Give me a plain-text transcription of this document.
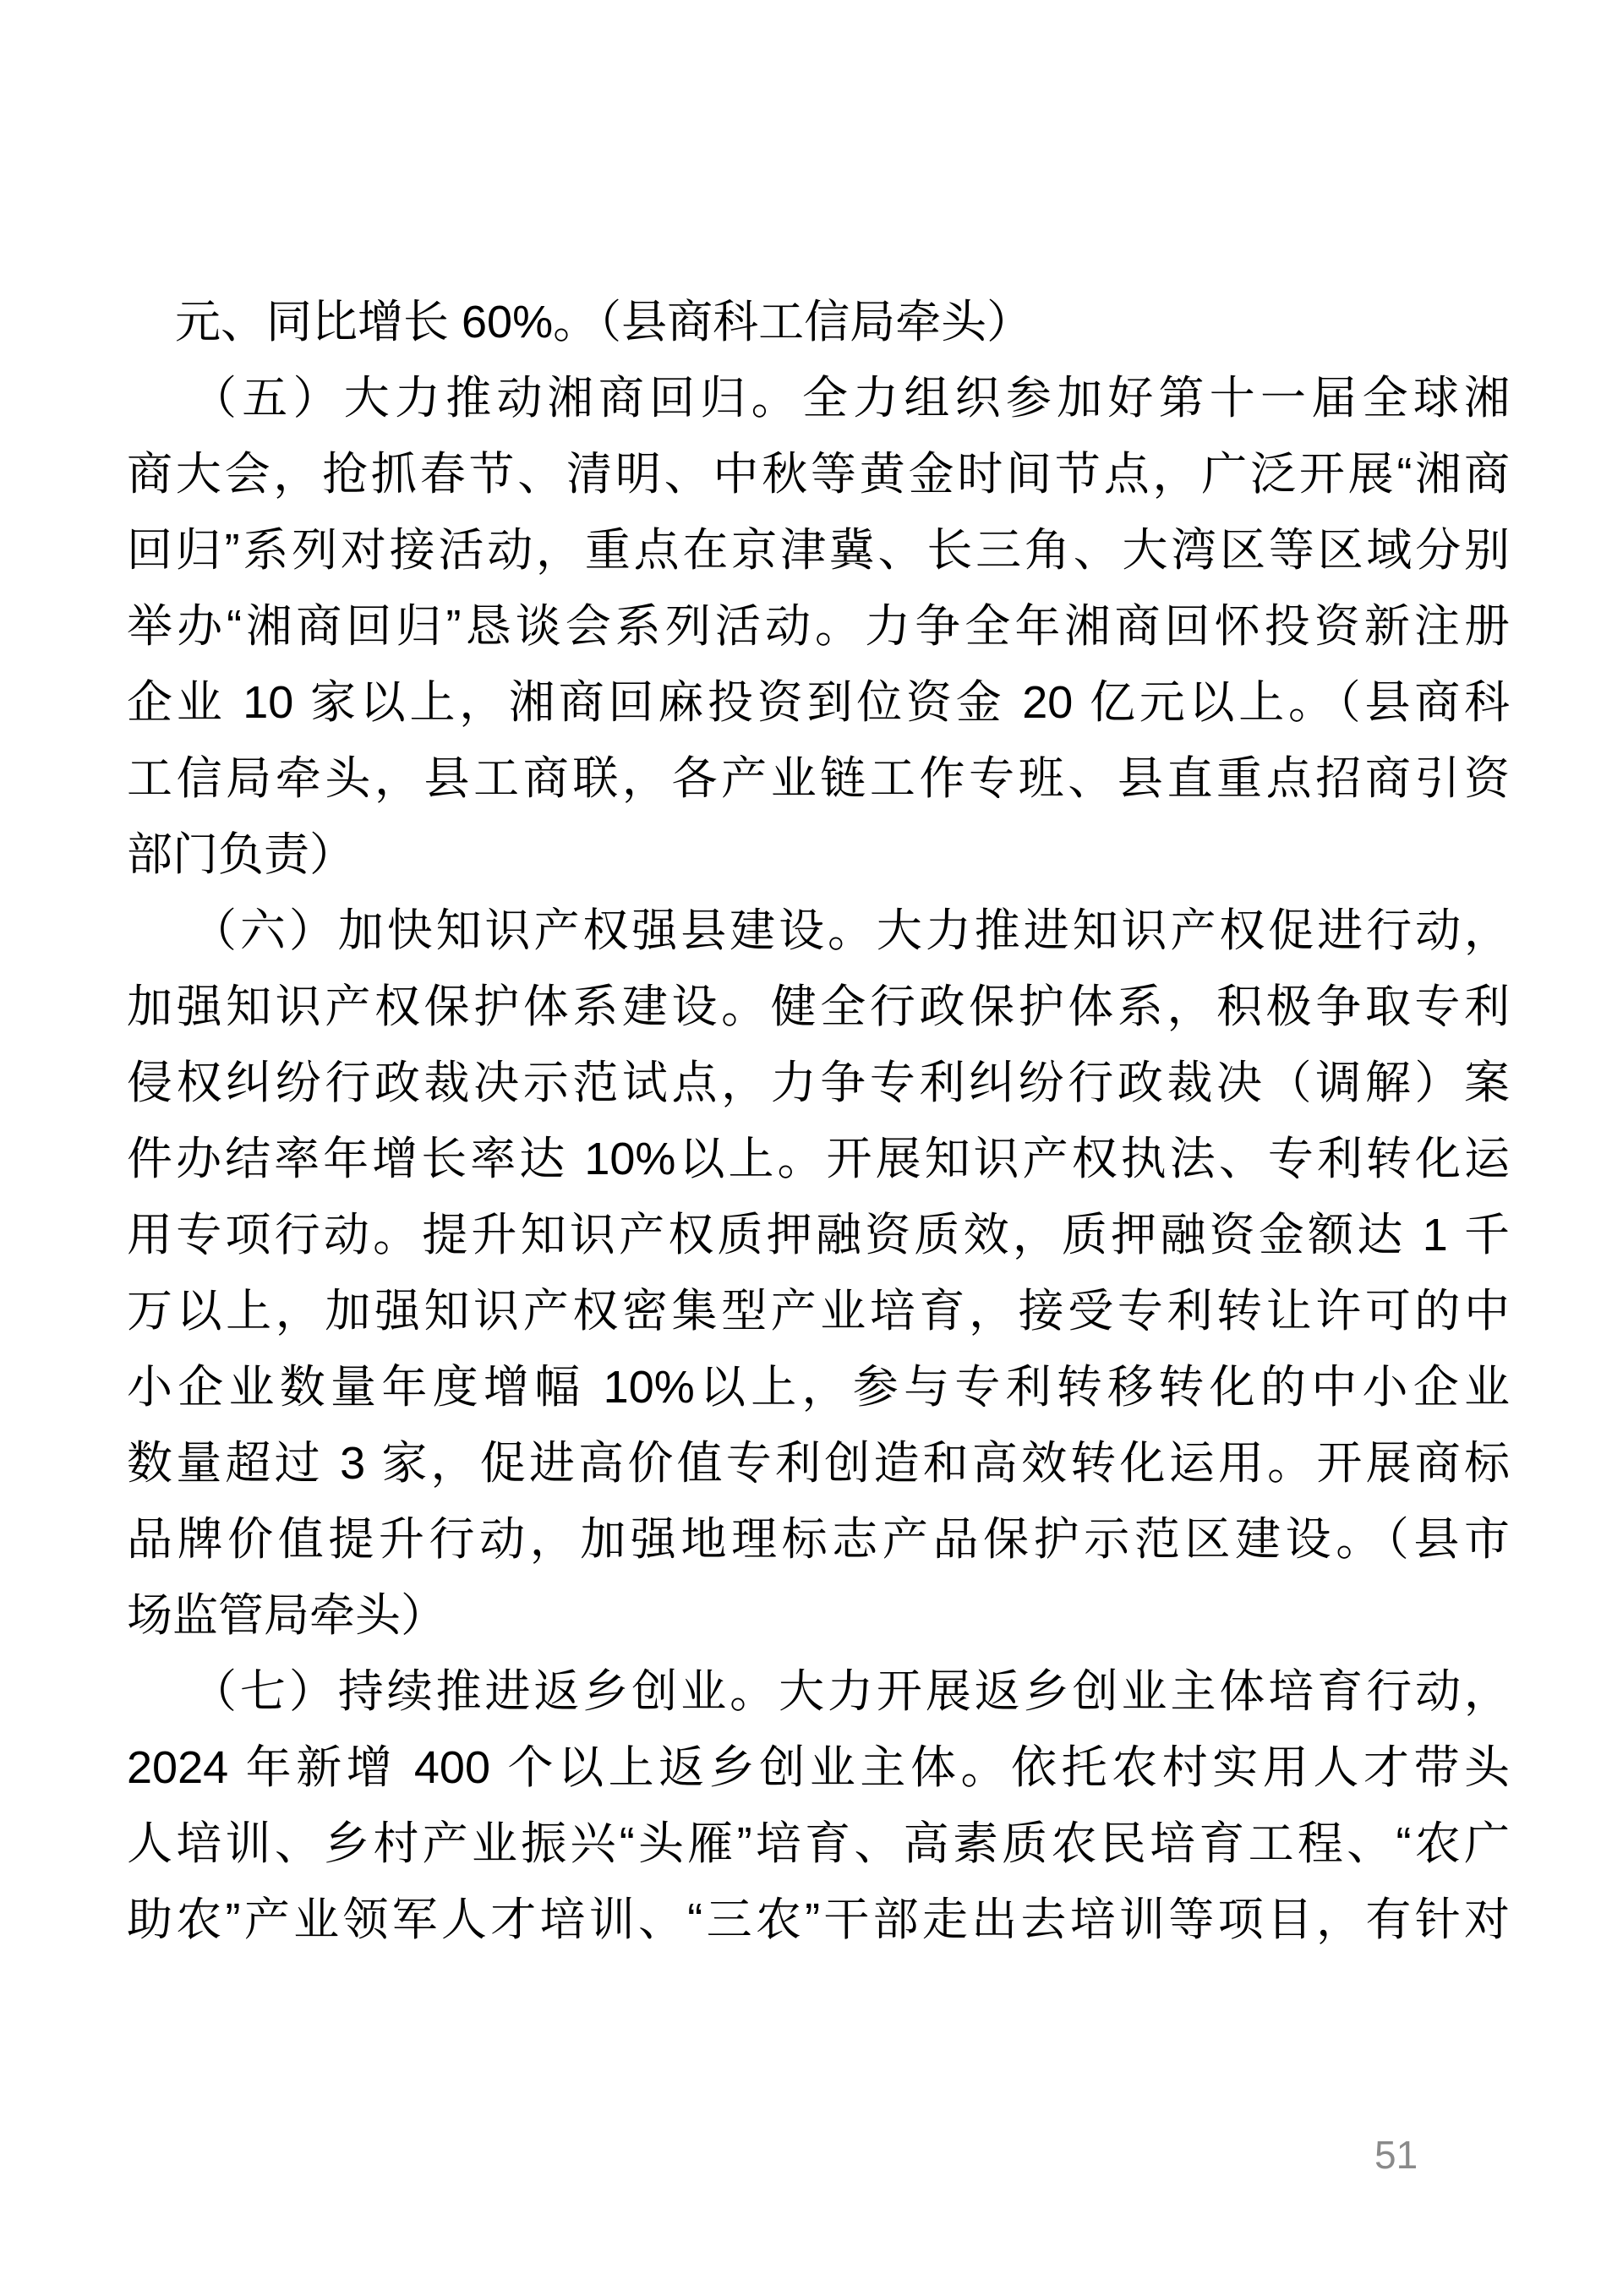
元、同比增长 60%。（县商科工信局牵头）
（五）大力推动湘商回归。全力组织参加好第十一届全球湘
商大会，抢抓春节、清明、中秋等黄金时间节点，广泛开展“湘商
回归”系列对接活动，重点在京津冀、长三角、大湾区等区域分别
举办“湘商回归”恳谈会系列活动。力争全年湘商回怀投资新注册
企业 10 家以上，湘商回麻投资到位资金 20 亿元以上。（县商科
工信局牵头，县工商联，各产业链工作专班、县直重点招商引资
部门负责）
（六）加快知识产权强县建设。大力推进知识产权促进行动，
加强知识产权保护体系建设。健全行政保护体系，积极争取专利
侵权纠纷行政裁决示范试点，力争专利纠纷行政裁决（调解）案
件办结率年增长率达 10%以上。开展知识产权执法、专利转化运
用专项行动。提升知识产权质押融资质效，质押融资金额达 1 千
万以上，加强知识产权密集型产业培育，接受专利转让许可的中
小企业数量年度增幅 10%以上，参与专利转移转化的中小企业
数量超过 3 家，促进高价值专利创造和高效转化运用。开展商标
品牌价值提升行动，加强地理标志产品保护示范区建设。（县市
场监管局牵头）
（七）持续推进返乡创业。大力开展返乡创业主体培育行动，
2024 年新增 400 个以上返乡创业主体。依托农村实用人才带头
人培训、乡村产业振兴“头雁”培育、高素质农民培育工程、“农广
助农”产业领军人才培训、“三农”干部走出去培训等项目，有针对
51
